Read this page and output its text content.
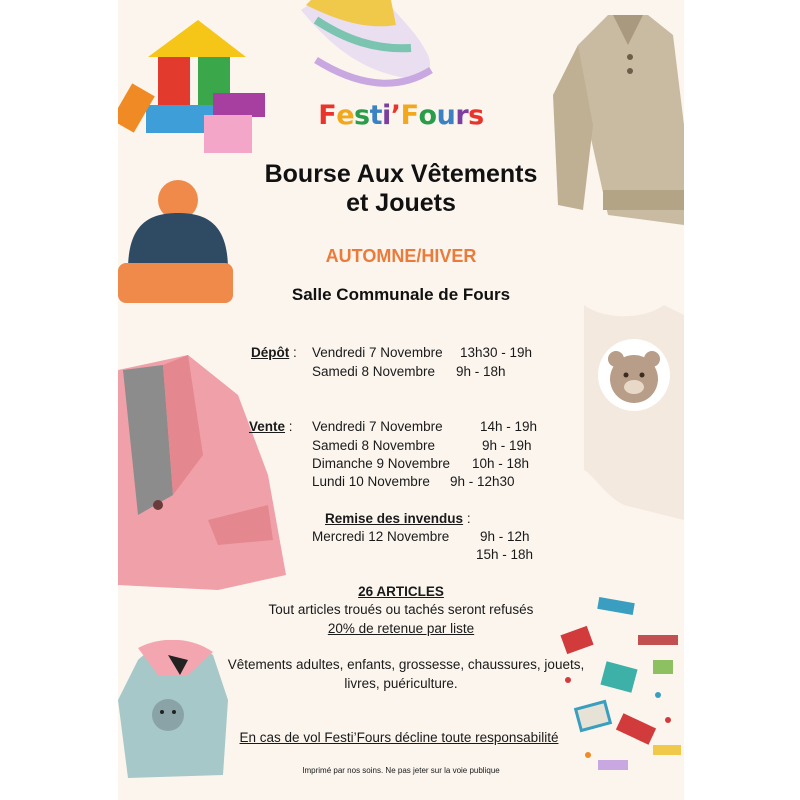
Festi’Fours
Bourse Aux Vêtements
et Jouets
AUTOMNE/HIVER
Salle Communale de Fours
Dépôt : Vendredi 7 Novembre 13h30 - 19h
Samedi 8 Novembre 9h - 18h
Vente : Vendredi 7 Novembre	14h - 19h
Samedi 8 Novembre	9h - 19h
Dimanche 9 Novembre 10h - 18h
Lundi 10 Novembre 9h - 12h30
Remise des invendus :
Mercredi 12 Novembre 9h - 12h
15h - 18h
26 ARTICLES
Tout articles troués ou tachés seront refusés
20% de retenue par liste
Vêtements adultes, enfants, grossesse, chaussures, jouets,
livres, puériculture.
En cas de vol Festi’Fours décline toute responsabilité
Imprimé par nos soins. Ne pas jeter sur la voie publique
